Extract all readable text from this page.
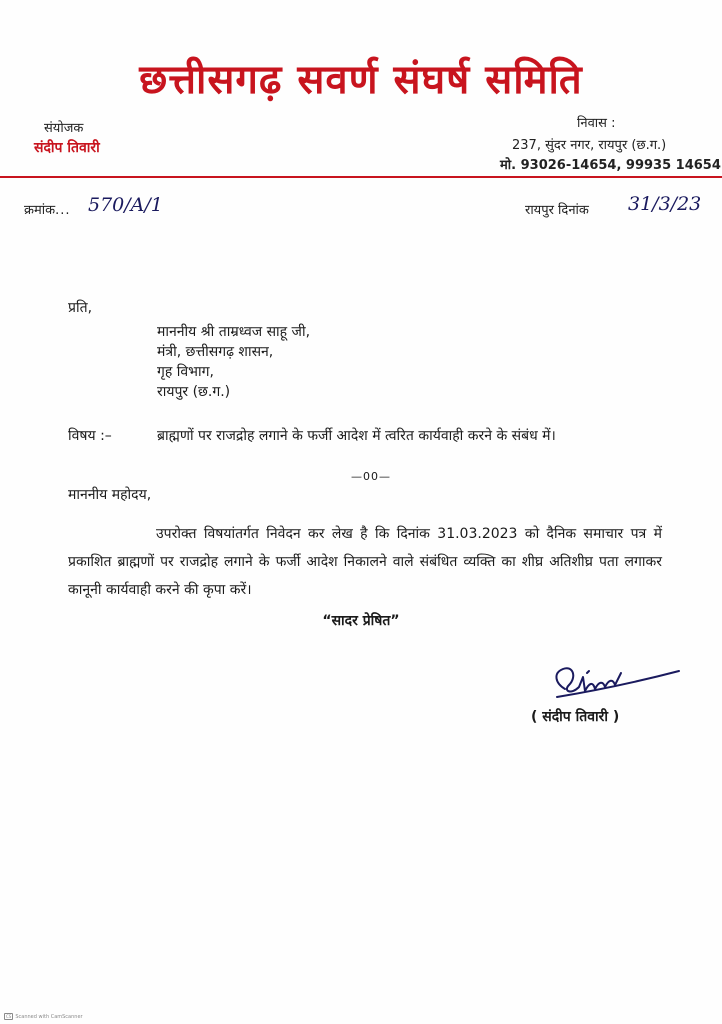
छत्तीसगढ़ सवर्ण संघर्ष समिति
संयोजक
संदीप तिवारी
निवास :
237, सुंदर नगर, रायपुर (छ.ग.)
मो. 93026-14654, 99935 14654
क्रमांक... 570/A/1	रायपुर दिनांक 31/3/23
प्रति,
माननीय श्री ताम्रध्वज साहू जी,
मंत्री, छत्तीसगढ़ शासन,
गृह विभाग,
रायपुर (छ.ग.)
विषय :–	ब्राह्मणों पर राजद्रोह लगाने के फर्जी आदेश में त्वरित कार्यवाही करने के संबंध में।
—00—
माननीय महोदय,
उपरोक्त विषयांतर्गत निवेदन कर लेख है कि दिनांक 31.03.2023 को दैनिक समाचार पत्र में प्रकाशित ब्राह्मणों पर राजद्रोह लगाने के फर्जी आदेश निकालने वाले संबंधित व्यक्ति का शीघ्र अतिशीघ्र पता लगाकर कानूनी कार्यवाही करने की कृपा करें।
“सादर प्रेषित”
( संदीप तिवारी )
CS Scanned with CamScanner
